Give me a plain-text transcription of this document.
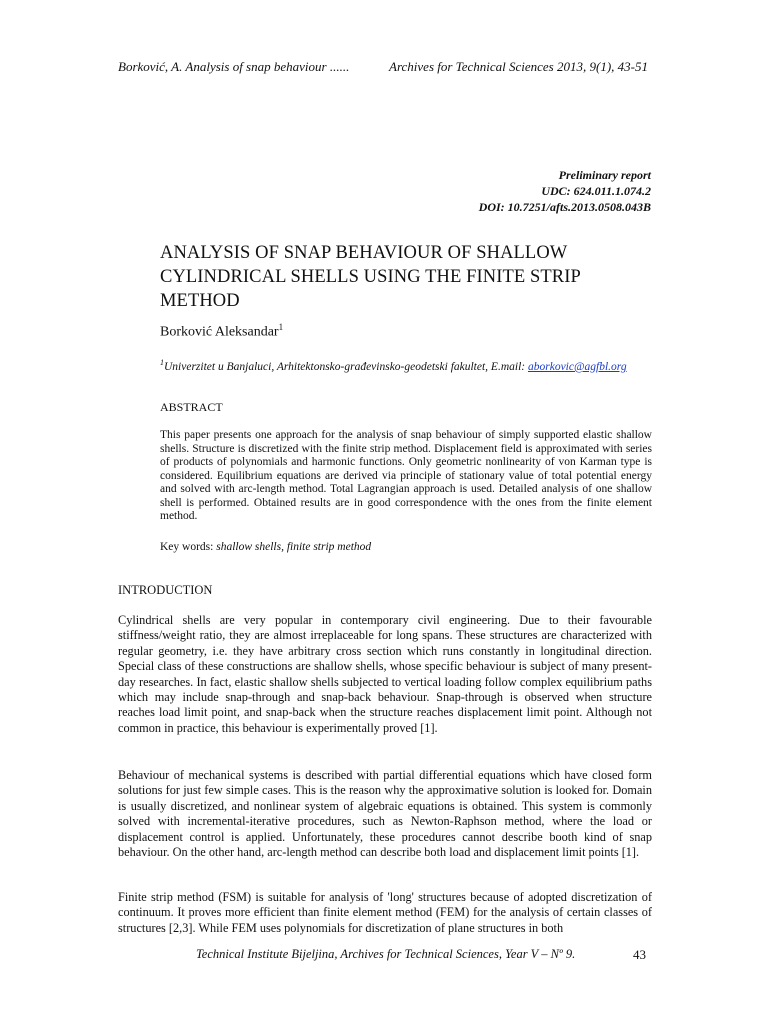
Borković, A. Analysis of snap behaviour ......	Archives for Technical Sciences 2013, 9(1), 43-51
Preliminary report
UDC: 624.011.1.074.2
DOI: 10.7251/afts.2013.0508.043B
ANALYSIS OF SNAP BEHAVIOUR OF SHALLOW CYLINDRICAL SHELLS USING THE FINITE STRIP METHOD
Borković Aleksandar$^1$
$^1$Univerzitet u Banjaluci, Arhitektonsko-građevinsko-geodetski fakultet, E.mail: aborkovic@agfbl.org
ABSTRACT
This paper presents one approach for the analysis of snap behaviour of simply supported elastic shallow shells. Structure is discretized with the finite strip method. Displacement field is approximated with series of products of polynomials and harmonic functions. Only geometric nonlinearity of von Karman type is considered. Equilibrium equations are derived via principle of stationary value of total potential energy and solved with arc-length method. Total Lagrangian approach is used. Detailed analysis of one shallow shell is performed. Obtained results are in good correspondence with the ones from the finite element method.
Key words: shallow shells, finite strip method
INTRODUCTION
Cylindrical shells are very popular in contemporary civil engineering. Due to their favourable stiffness/weight ratio, they are almost irreplaceable for long spans. These structures are characterized with regular geometry, i.e. they have arbitrary cross section which runs constantly in longitudinal direction. Special class of these constructions are shallow shells, whose specific behaviour is subject of many present-day researches. In fact, elastic shallow shells subjected to vertical loading follow complex equilibrium paths which may include snap-through and snap-back behaviour. Snap-through is observed when structure reaches load limit point, and snap-back when the structure reaches displacement limit point. Although not common in practice, this behaviour is experimentally proved [1].
Behaviour of mechanical systems is described with partial differential equations which have closed form solutions for just few simple cases. This is the reason why the approximative solution is looked for. Domain is usually discretized, and nonlinear system of algebraic equations is obtained. This system is commonly solved with incremental-iterative procedures, such as Newton-Raphson method, where the load or displacement control is applied. Unfortunately, these procedures cannot describe booth kind of snap behaviour. On the other hand, arc-length method can describe both load and displacement limit points [1].
Finite strip method (FSM) is suitable for analysis of 'long' structures because of adopted discretization of continuum. It proves more efficient than finite element method (FEM) for the analysis of certain classes of structures [2,3]. While FEM uses polynomials for discretization of plane structures in both
Technical Institute Bijeljina, Archives for Technical Sciences, Year V – Nº 9.	43
